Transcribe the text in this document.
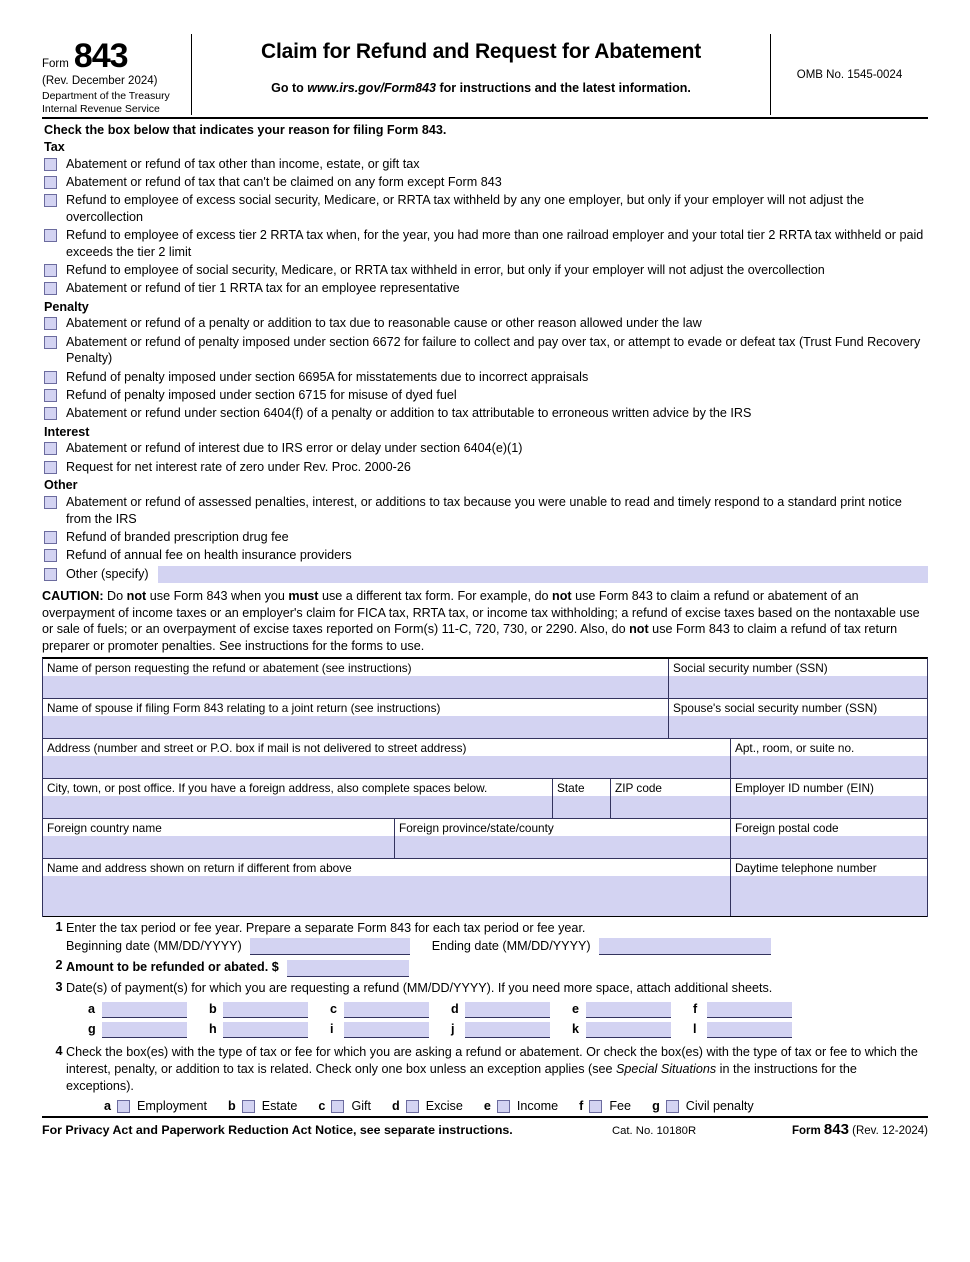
Form 843
(Rev. December 2024)
Department of the Treasury
Internal Revenue Service
Claim for Refund and Request for Abatement
Go to www.irs.gov/Form843 for instructions and the latest information.
OMB No. 1545-0024
Check the box below that indicates your reason for filing Form 843.
Tax
Abatement or refund of tax other than income, estate, or gift tax
Abatement or refund of tax that can't be claimed on any form except Form 843
Refund to employee of excess social security, Medicare, or RRTA tax withheld by any one employer, but only if your employer will not adjust the overcollection
Refund to employee of excess tier 2 RRTA tax when, for the year, you had more than one railroad employer and your total tier 2 RRTA tax withheld or paid exceeds the tier 2 limit
Refund to employee of social security, Medicare, or RRTA tax withheld in error, but only if your employer will not adjust the overcollection
Abatement or refund of tier 1 RRTA tax for an employee representative
Penalty
Abatement or refund of a penalty or addition to tax due to reasonable cause or other reason allowed under the law
Abatement or refund of penalty imposed under section 6672 for failure to collect and pay over tax, or attempt to evade or defeat tax (Trust Fund Recovery Penalty)
Refund of penalty imposed under section 6695A for misstatements due to incorrect appraisals
Refund of penalty imposed under section 6715 for misuse of dyed fuel
Abatement or refund under section 6404(f) of a penalty or addition to tax attributable to erroneous written advice by the IRS
Interest
Abatement or refund of interest due to IRS error or delay under section 6404(e)(1)
Request for net interest rate of zero under Rev. Proc. 2000-26
Other
Abatement or refund of assessed penalties, interest, or additions to tax because you were unable to read and timely respond to a standard print notice from the IRS
Refund of branded prescription drug fee
Refund of annual fee on health insurance providers
Other (specify)
CAUTION: Do not use Form 843 when you must use a different tax form. For example, do not use Form 843 to claim a refund or abatement of an overpayment of income taxes or an employer's claim for FICA tax, RRTA tax, or income tax withholding; a refund of excise taxes based on the nontaxable use or sale of fuels; or an overpayment of excise taxes reported on Form(s) 11-C, 720, 730, or 2290. Also, do not use Form 843 to claim a refund of tax return preparer or promoter penalties. See instructions for the forms to use.
Name of person requesting the refund or abatement (see instructions)	Social security number (SSN)
Name of spouse if filing Form 843 relating to a joint return (see instructions)	Spouse's social security number (SSN)
Address (number and street or P.O. box if mail is not delivered to street address)	Apt., room, or suite no.
City, town, or post office. If you have a foreign address, also complete spaces below.	State	ZIP code	Employer ID number (EIN)
Foreign country name	Foreign province/state/county	Foreign postal code
Name and address shown on return if different from above	Daytime telephone number
1 Enter the tax period or fee year. Prepare a separate Form 843 for each tax period or fee year.
Beginning date (MM/DD/YYYY)	Ending date (MM/DD/YYYY)
2 Amount to be refunded or abated. $
3 Date(s) of payment(s) for which you are requesting a refund (MM/DD/YYYY). If you need more space, attach additional sheets.
a	b	c	d	e	f
g	h	i	j	k	l
4 Check the box(es) with the type of tax or fee for which you are asking a refund or abatement. Or check the box(es) with the type of tax or fee to which the interest, penalty, or addition to tax is related. Check only one box unless an exception applies (see Special Situations in the instructions for the exceptions).
a Employment b Estate c Gift d Excise e Income f Fee g Civil penalty
For Privacy Act and Paperwork Reduction Act Notice, see separate instructions.	Cat. No. 10180R	Form 843 (Rev. 12-2024)
